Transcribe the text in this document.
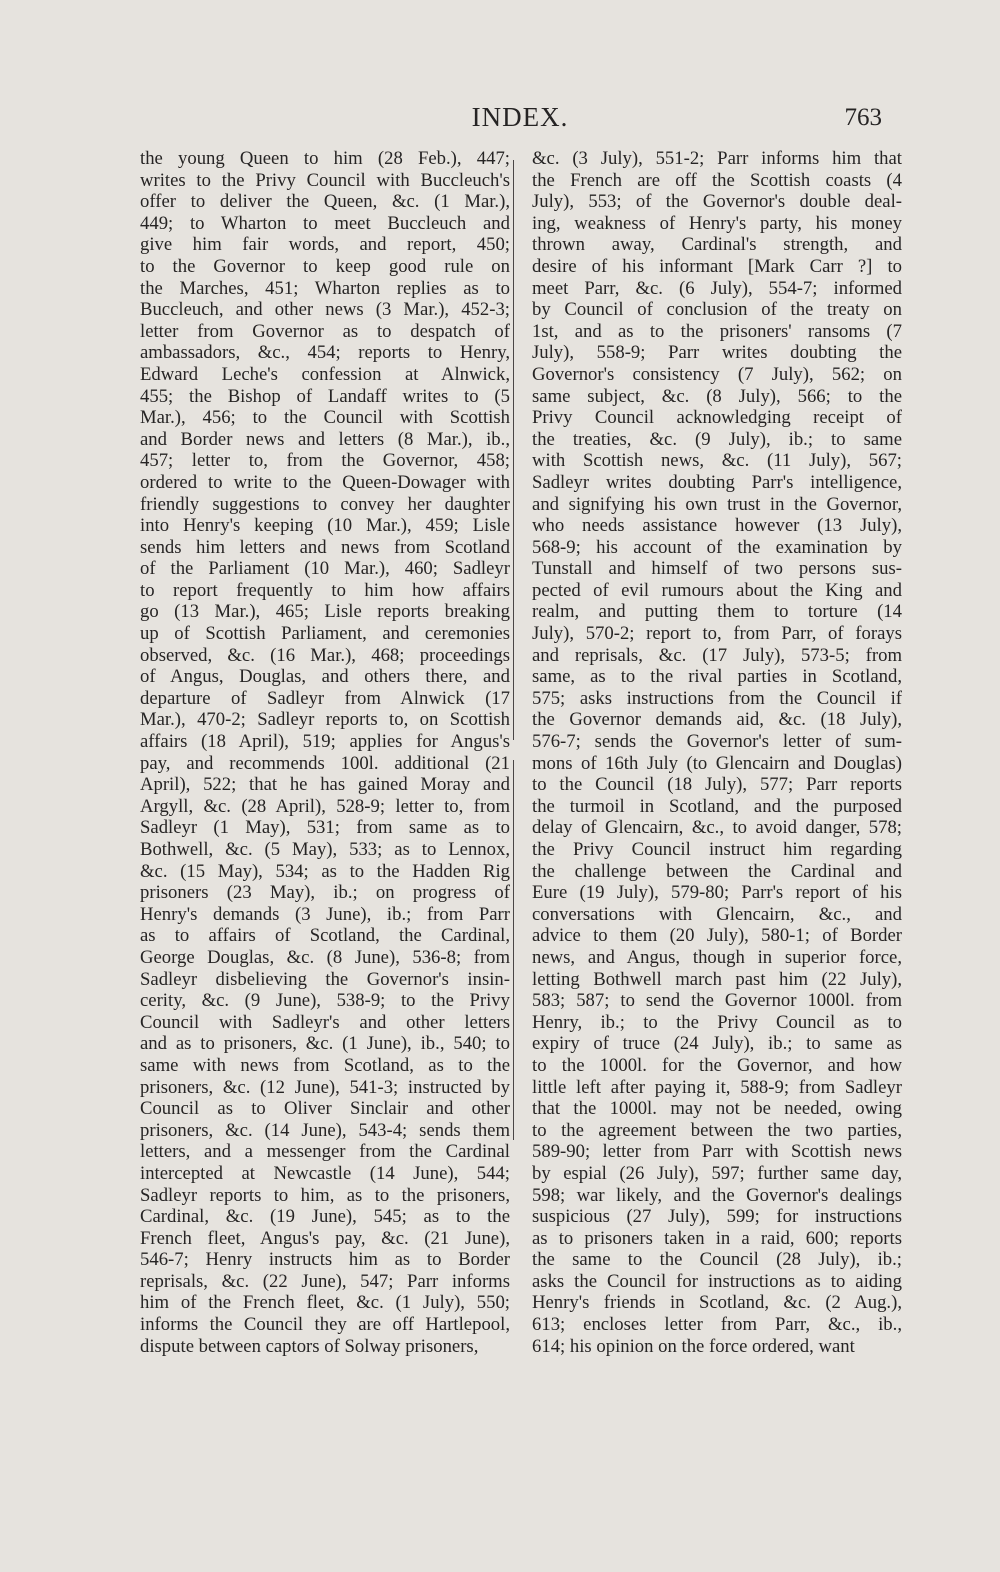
INDEX.	763
the young Queen to him (28 Feb.), 447;
writes to the Privy Council with Buccleuch's
offer to deliver the Queen, &c. (1 Mar.),
449; to Wharton to meet Buccleuch and
give him fair words, and report, 450;
to the Governor to keep good rule on
the Marches, 451; Wharton replies as to
Buccleuch, and other news (3 Mar.), 452-3;
letter from Governor as to despatch of
ambassadors, &c., 454; reports to Henry,
Edward Leche's confession at Alnwick,
455; the Bishop of Landaff writes to (5
Mar.), 456; to the Council with Scottish
and Border news and letters (8 Mar.), ib.,
457; letter to, from the Governor, 458;
ordered to write to the Queen-Dowager with
friendly suggestions to convey her daughter
into Henry's keeping (10 Mar.), 459; Lisle
sends him letters and news from Scotland
of the Parliament (10 Mar.), 460; Sadleyr
to report frequently to him how affairs
go (13 Mar.), 465; Lisle reports breaking
up of Scottish Parliament, and ceremonies
observed, &c. (16 Mar.), 468; proceedings
of Angus, Douglas, and others there, and
departure of Sadleyr from Alnwick (17
Mar.), 470-2; Sadleyr reports to, on Scottish
affairs (18 April), 519; applies for Angus's
pay, and recommends 100l. additional (21
April), 522; that he has gained Moray and
Argyll, &c. (28 April), 528-9; letter to, from
Sadleyr (1 May), 531; from same as to
Bothwell, &c. (5 May), 533; as to Lennox,
&c. (15 May), 534; as to the Hadden Rig
prisoners (23 May), ib.; on progress of
Henry's demands (3 June), ib.; from Parr
as to affairs of Scotland, the Cardinal,
George Douglas, &c. (8 June), 536-8; from
Sadleyr disbelieving the Governor's insin-
cerity, &c. (9 June), 538-9; to the Privy
Council with Sadleyr's and other letters
and as to prisoners, &c. (1 June), ib., 540; to
same with news from Scotland, as to the
prisoners, &c. (12 June), 541-3; instructed by
Council as to Oliver Sinclair and other
prisoners, &c. (14 June), 543-4; sends them
letters, and a messenger from the Cardinal
intercepted at Newcastle (14 June), 544;
Sadleyr reports to him, as to the prisoners,
Cardinal, &c. (19 June), 545; as to the
French fleet, Angus's pay, &c. (21 June),
546-7; Henry instructs him as to Border
reprisals, &c. (22 June), 547; Parr informs
him of the French fleet, &c. (1 July), 550;
informs the Council they are off Hartlepool,
dispute between captors of Solway prisoners,
&c. (3 July), 551-2; Parr informs him that
the French are off the Scottish coasts (4
July), 553; of the Governor's double deal-
ing, weakness of Henry's party, his money
thrown away, Cardinal's strength, and
desire of his informant [Mark Carr ?] to
meet Parr, &c. (6 July), 554-7; informed
by Council of conclusion of the treaty on
1st, and as to the prisoners' ransoms (7
July), 558-9; Parr writes doubting the
Governor's consistency (7 July), 562; on
same subject, &c. (8 July), 566; to the
Privy Council acknowledging receipt of
the treaties, &c. (9 July), ib.; to same
with Scottish news, &c. (11 July), 567;
Sadleyr writes doubting Parr's intelligence,
and signifying his own trust in the Governor,
who needs assistance however (13 July),
568-9; his account of the examination by
Tunstall and himself of two persons sus-
pected of evil rumours about the King and
realm, and putting them to torture (14
July), 570-2; report to, from Parr, of forays
and reprisals, &c. (17 July), 573-5; from
same, as to the rival parties in Scotland,
575; asks instructions from the Council if
the Governor demands aid, &c. (18 July),
576-7; sends the Governor's letter of sum-
mons of 16th July (to Glencairn and Douglas)
to the Council (18 July), 577; Parr reports
the turmoil in Scotland, and the purposed
delay of Glencairn, &c., to avoid danger, 578;
the Privy Council instruct him regarding
the challenge between the Cardinal and
Eure (19 July), 579-80; Parr's report of his
conversations with Glencairn, &c., and
advice to them (20 July), 580-1; of Border
news, and Angus, though in superior force,
letting Bothwell march past him (22 July),
583; 587; to send the Governor 1000l. from
Henry, ib.; to the Privy Council as to
expiry of truce (24 July), ib.; to same as
to the 1000l. for the Governor, and how
little left after paying it, 588-9; from Sadleyr
that the 1000l. may not be needed, owing
to the agreement between the two parties,
589-90; letter from Parr with Scottish news
by espial (26 July), 597; further same day,
598; war likely, and the Governor's dealings
suspicious (27 July), 599; for instructions
as to prisoners taken in a raid, 600; reports
the same to the Council (28 July), ib.;
asks the Council for instructions as to aiding
Henry's friends in Scotland, &c. (2 Aug.),
613; encloses letter from Parr, &c., ib.,
614; his opinion on the force ordered, want
